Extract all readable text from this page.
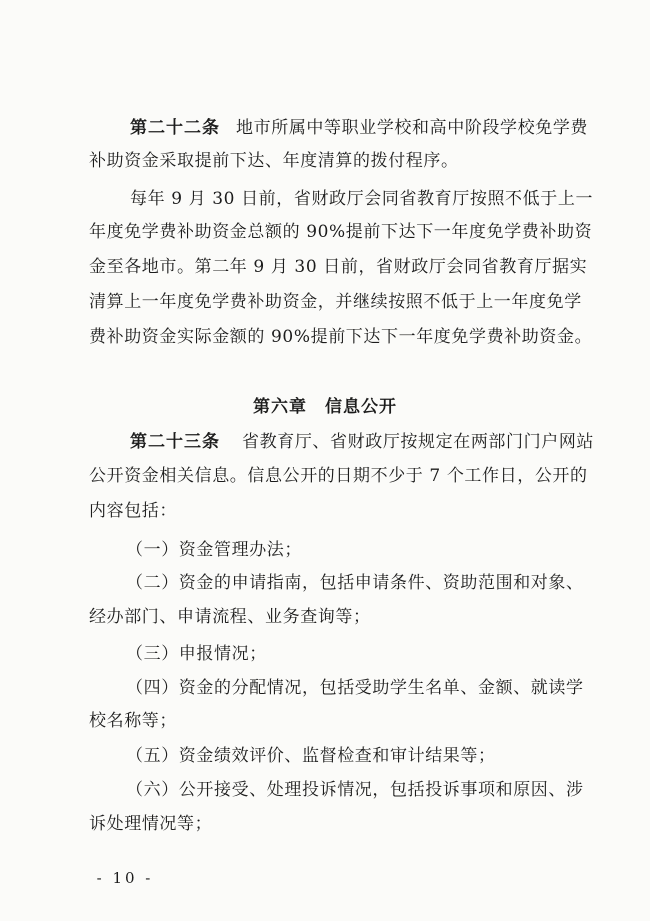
第二十二条 地市所属中等职业学校和高中阶段学校免学费
补助资金采取提前下达、年度清算的拨付程序。
每年 9 月 30 日前，省财政厅会同省教育厅按照不低于上一
年度免学费补助资金总额的 90%提前下达下一年度免学费补助资
金至各地市。第二年 9 月 30 日前，省财政厅会同省教育厅据实
清算上一年度免学费补助资金，并继续按照不低于上一年度免学
费补助资金实际金额的 90%提前下达下一年度免学费补助资金。
第六章　信息公开
第二十三条 省教育厅、省财政厅按规定在两部门门户网站
公开资金相关信息。信息公开的日期不少于 7 个工作日，公开的
内容包括：
（一）资金管理办法；
（二）资金的申请指南，包括申请条件、资助范围和对象、
经办部门、申请流程、业务查询等；
（三）申报情况；
（四）资金的分配情况，包括受助学生名单、金额、就读学
校名称等；
（五）资金绩效评价、监督检查和审计结果等；
（六）公开接受、处理投诉情况，包括投诉事项和原因、涉
诉处理情况等；
- 10 -
